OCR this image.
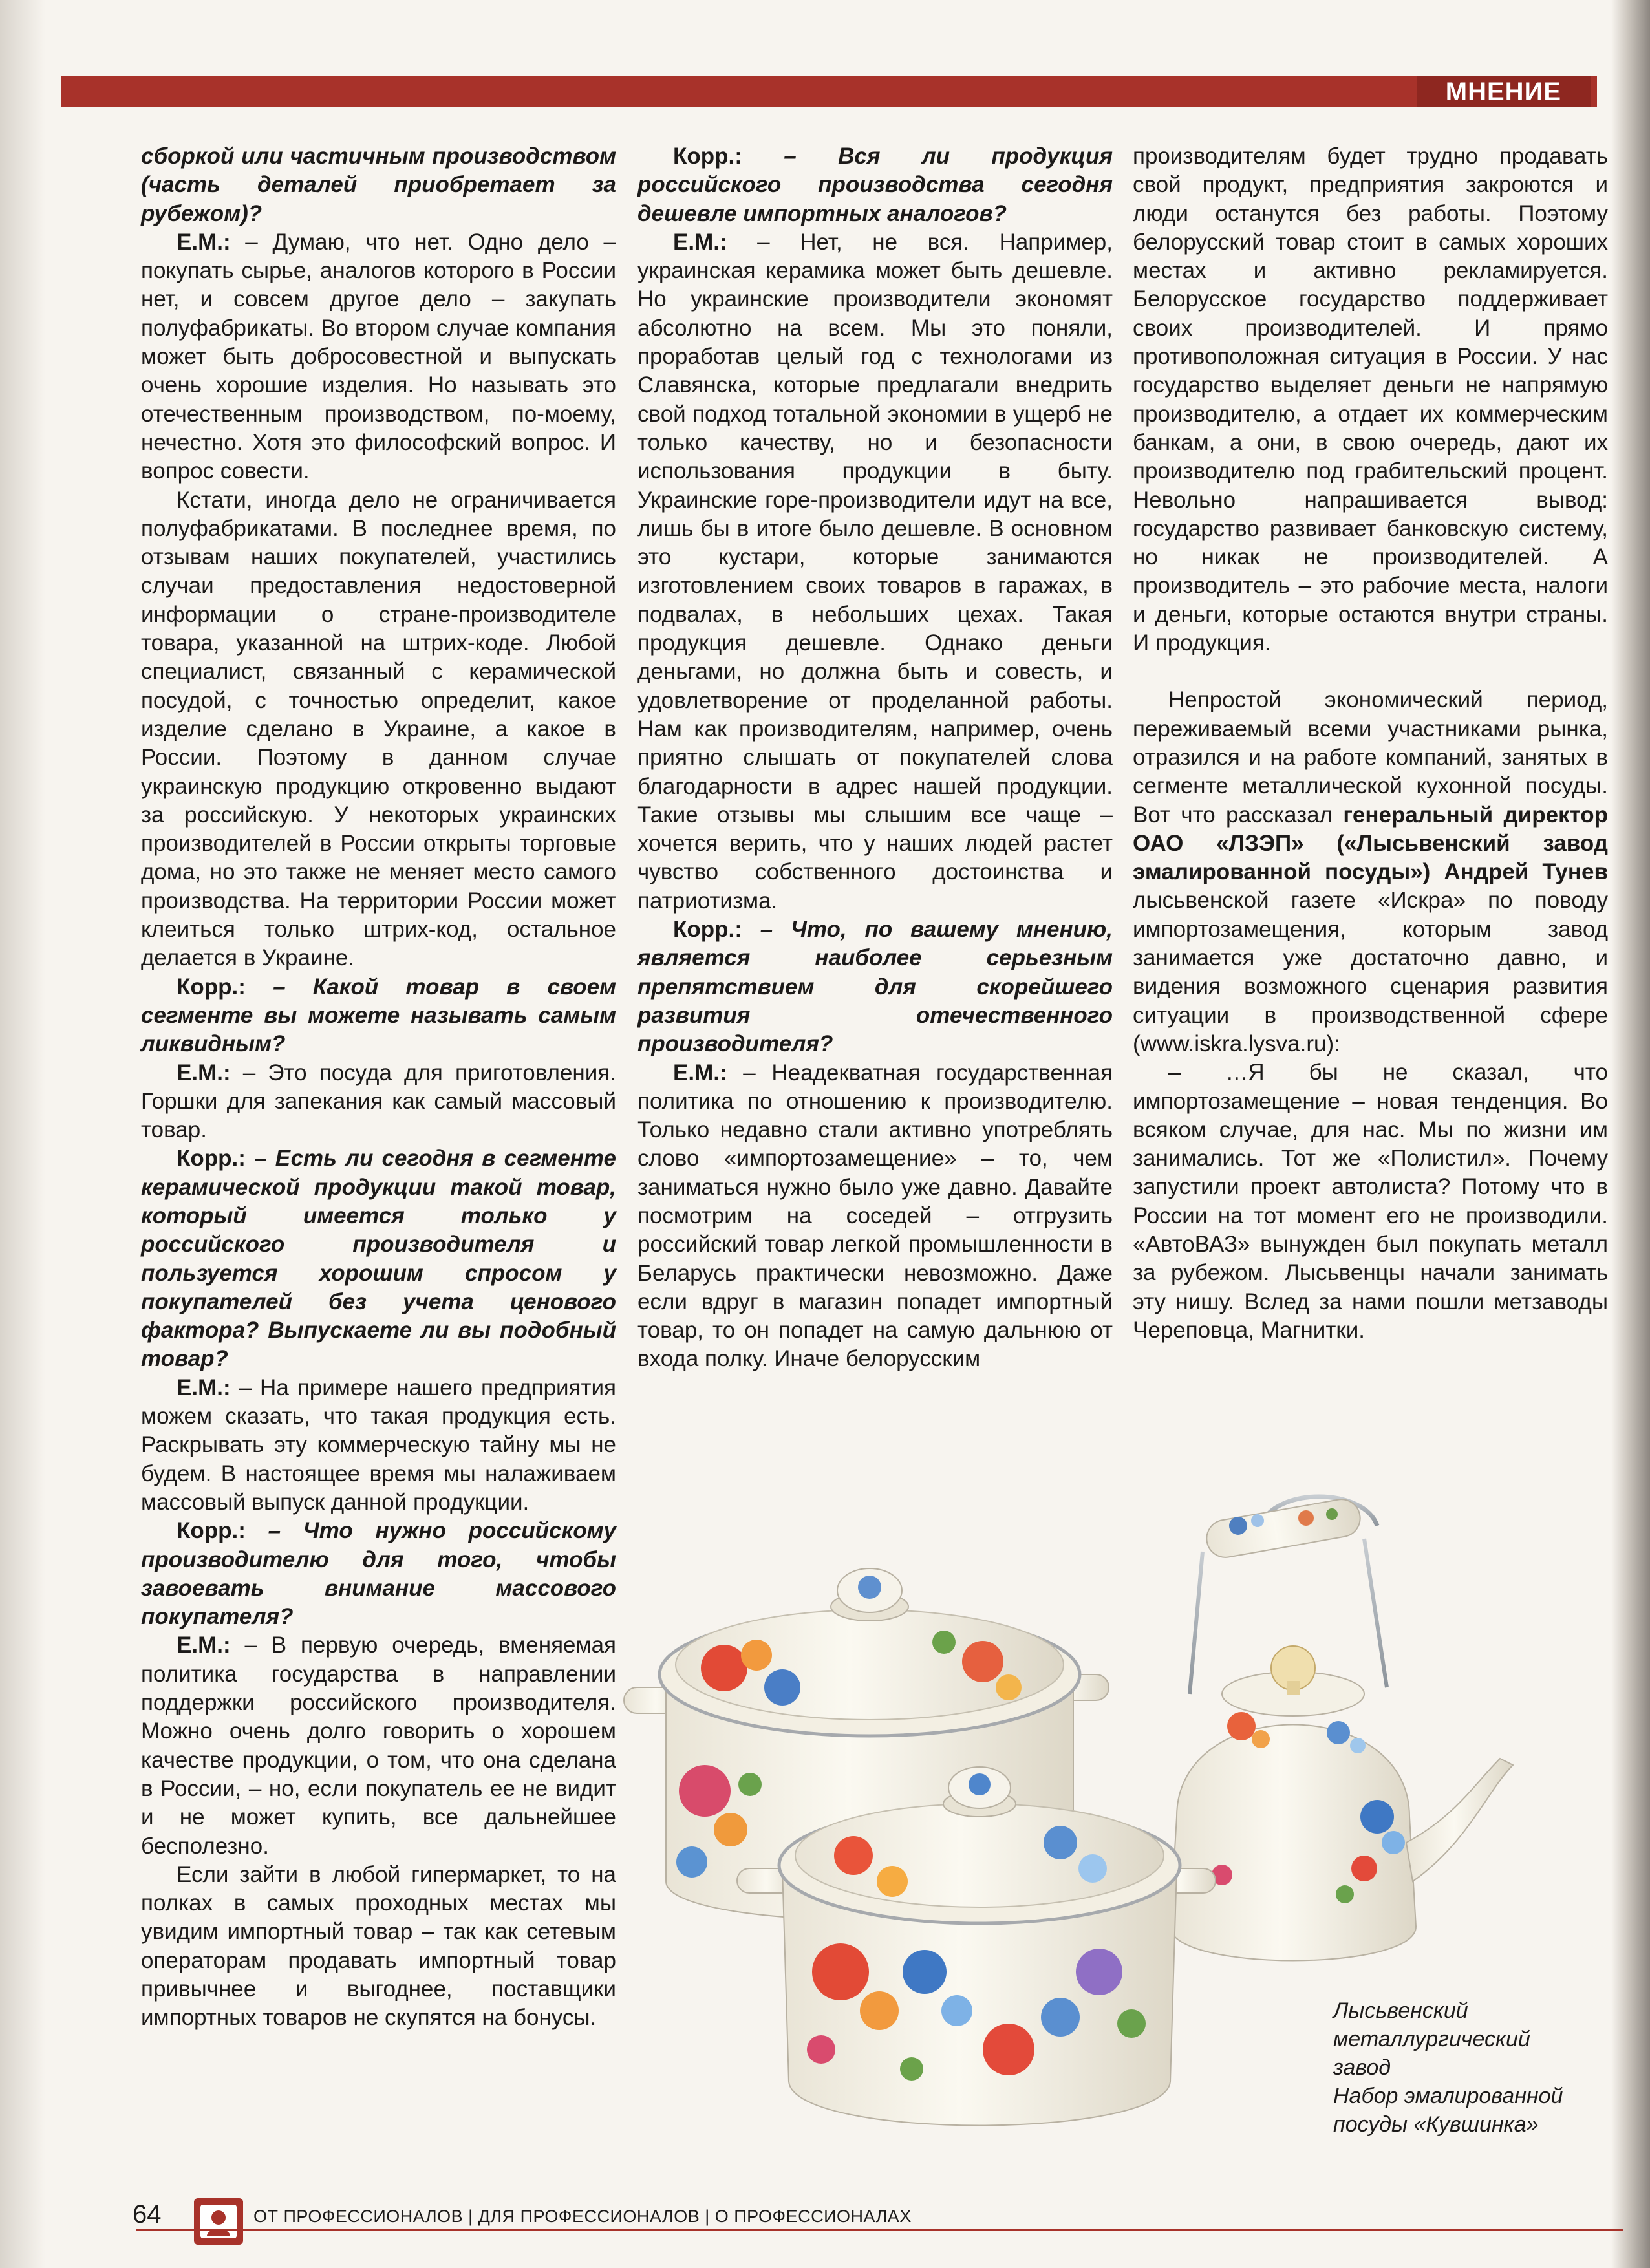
МНЕНИЕ

сборкой или частичным производством (часть деталей приобретает за рубежом)?

Е.М.: – Думаю, что нет. Одно дело – покупать сырье, аналогов которого в России нет, и совсем другое дело – закупать полуфабрикаты. Во втором случае компания может быть добросовестной и выпускать очень хорошие изделия. Но называть это отечественным производством, по-моему, нечестно. Хотя это философский вопрос. И вопрос совести.

Кстати, иногда дело не ограничивается полуфабрикатами. В последнее время, по отзывам наших покупателей, участились случаи предоставления недостоверной информации о стране-производителе товара, указанной на штрих-коде. Любой специалист, связанный с керамической посудой, с точностью определит, какое изделие сделано в Украине, а какое в России. Поэтому в данном случае украинскую продукцию откровенно выдают за российскую. У некоторых украинских производителей в России открыты торговые дома, но это также не меняет место самого производства. На территории России может клеиться только штрих-код, остальное делается в Украине.

Корр.: – Какой товар в своем сегменте вы можете называть самым ликвидным?

Е.М.: – Это посуда для приготовления. Горшки для запекания как самый массовый товар.

Корр.: – Есть ли сегодня в сегменте керамической продукции такой товар, который имеется только у российского производителя и пользуется хорошим спросом у покупателей без учета ценового фактора? Выпускаете ли вы подобный товар?

Е.М.: – На примере нашего предприятия можем сказать, что такая продукция есть. Раскрывать эту коммерческую тайну мы не будем. В настоящее время мы налаживаем массовый выпуск данной продукции.

Корр.: – Что нужно российскому производителю для того, чтобы завоевать внимание массового покупателя?

Е.М.: – В первую очередь, вменяемая политика государства в направлении поддержки российского производителя. Можно очень долго говорить о хорошем качестве продукции, о том, что она сделана в России, – но, если покупатель ее не видит и не может купить, все дальнейшее бесполезно.

Если зайти в любой гипермаркет, то на полках в самых проходных местах мы увидим импортный товар – так как сетевым операторам продавать импортный товар привычнее и выгоднее, поставщики импортных товаров не скупятся на бонусы.

Корр.: – Вся ли продукция российского производства сегодня дешевле импортных аналогов?

Е.М.: – Нет, не вся. Например, украинская керамика может быть дешевле. Но украинские производители экономят абсолютно на всем. Мы это поняли, проработав целый год с технологами из Славянска, которые предлагали внедрить свой подход тотальной экономии в ущерб не только качеству, но и безопасности использования продукции в быту. Украинские горе-производители идут на все, лишь бы в итоге было дешевле. В основном это кустари, которые занимаются изготовлением своих товаров в гаражах, в подвалах, в небольших цехах. Такая продукция дешевле. Однако деньги деньгами, но должна быть и совесть, и удовлетворение от проделанной работы. Нам как производителям, например, очень приятно слышать от покупателей слова благодарности в адрес нашей продукции. Такие отзывы мы слышим все чаще – хочется верить, что у наших людей растет чувство собственного достоинства и патриотизма.

Корр.: – Что, по вашему мнению, является наиболее серьезным препятствием для скорейшего развития отечественного производителя?

Е.М.: – Неадекватная государственная политика по отношению к производителю. Только недавно стали активно употреблять слово «импортозамещение» – то, чем заниматься нужно было уже давно. Давайте посмотрим на соседей – отгрузить российский товар легкой промышленности в Беларусь практически невозможно. Даже если вдруг в магазин попадет импортный товар, то он попадет на самую дальнюю от входа полку. Иначе белорусским

производителям будет трудно продавать свой продукт, предприятия закроются и люди останутся без работы. Поэтому белорусский товар стоит в самых хороших местах и активно рекламируется. Белорусское государство поддерживает своих производителей. И прямо противоположная ситуация в России. У нас государство выделяет деньги не напрямую производителю, а отдает их коммерческим банкам, а они, в свою очередь, дают их производителю под грабительский процент. Невольно напрашивается вывод: государство развивает банковскую систему, но никак не производителей. А производитель – это рабочие места, налоги и деньги, которые остаются внутри страны. И продукция.

Непростой экономический период, переживаемый всеми участниками рынка, отразился и на работе компаний, занятых в сегменте металлической кухонной посуды. Вот что рассказал генеральный директор ОАО «ЛЗЭП» («Лысьвенский завод эмалированной посуды») Андрей Тунев лысьвенской газете «Искра» по поводу импортозамещения, которым завод занимается уже достаточно давно, и видения возможного сценария развития ситуации в производственной сфере (www.iskra.lysva.ru):

– …Я бы не сказал, что импортозамещение – новая тенденция. Во всяком случае, для нас. Мы по жизни им занимались. Тот же «Полистил». Почему запустили проект автолиста? Потому что в России на тот момент его не производили. «АвтоВАЗ» вынужден был покупать металл за рубежом. Лысьвенцы начали занимать эту нишу. Вслед за нами пошли метзаводы Череповца, Магнитки.

Лысьвенский металлургический завод

Набор эмалированной посуды «Кувшинка»

64	ОТ ПРОФЕССИОНАЛОВ | ДЛЯ ПРОФЕССИОНАЛОВ | О ПРОФЕССИОНАЛАХ
